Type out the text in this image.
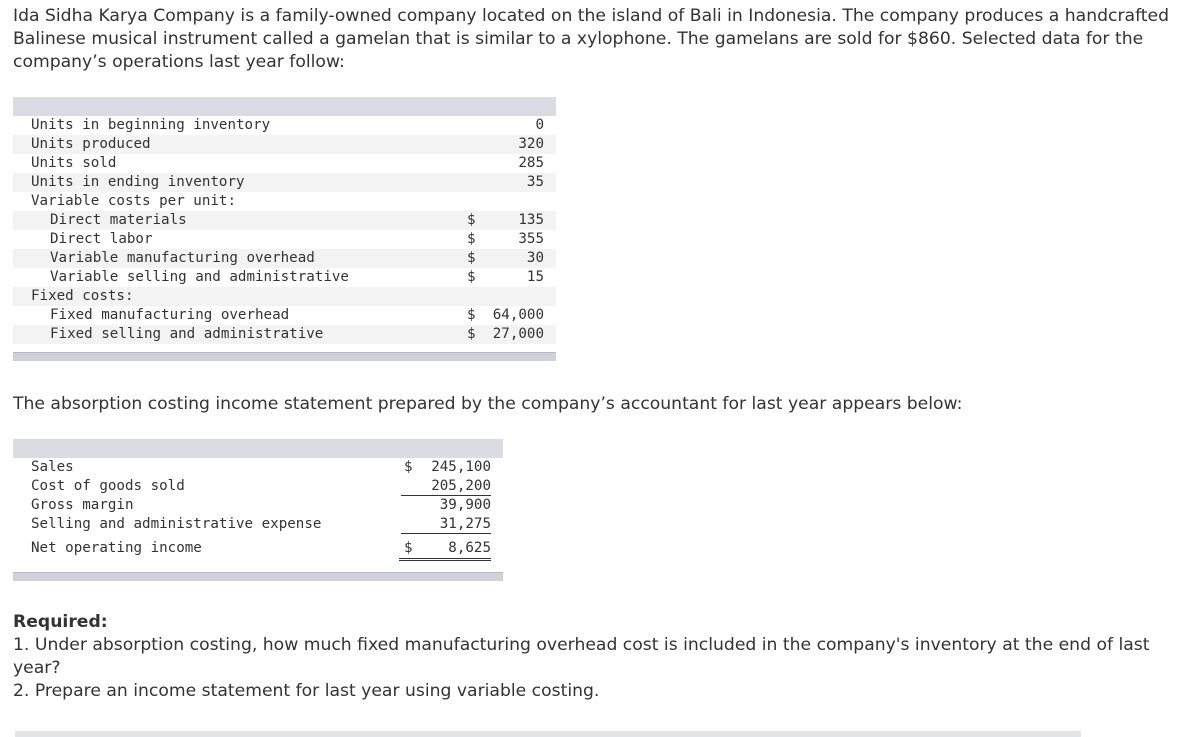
Ida Sidha Karya Company is a family-owned company located on the island of Bali in Indonesia. The company produces a handcrafted Balinese musical instrument called a gamelan that is similar to a xylophone. The gamelans are sold for $860. Selected data for the company’s operations last year follow:
Units in beginning inventory	0
Units produced	320
Units sold	285
Units in ending inventory	35
Variable costs per unit:
Direct materials	$	135
Direct labor	$	355
Variable manufacturing overhead	$	30
Variable selling and administrative	$	15
Fixed costs:
Fixed manufacturing overhead	$ 64,000
Fixed selling and administrative	$ 27,000
The absorption costing income statement prepared by the company’s accountant for last year appears below:
Sales	$ 245,100
Cost of goods sold	205,200
Gross margin	39,900
Selling and administrative expense	31,275
Net operating income	$	8,625
Required:
1. Under absorption costing, how much fixed manufacturing overhead cost is included in the company's inventory at the end of last year?
2. Prepare an income statement for last year using variable costing.
